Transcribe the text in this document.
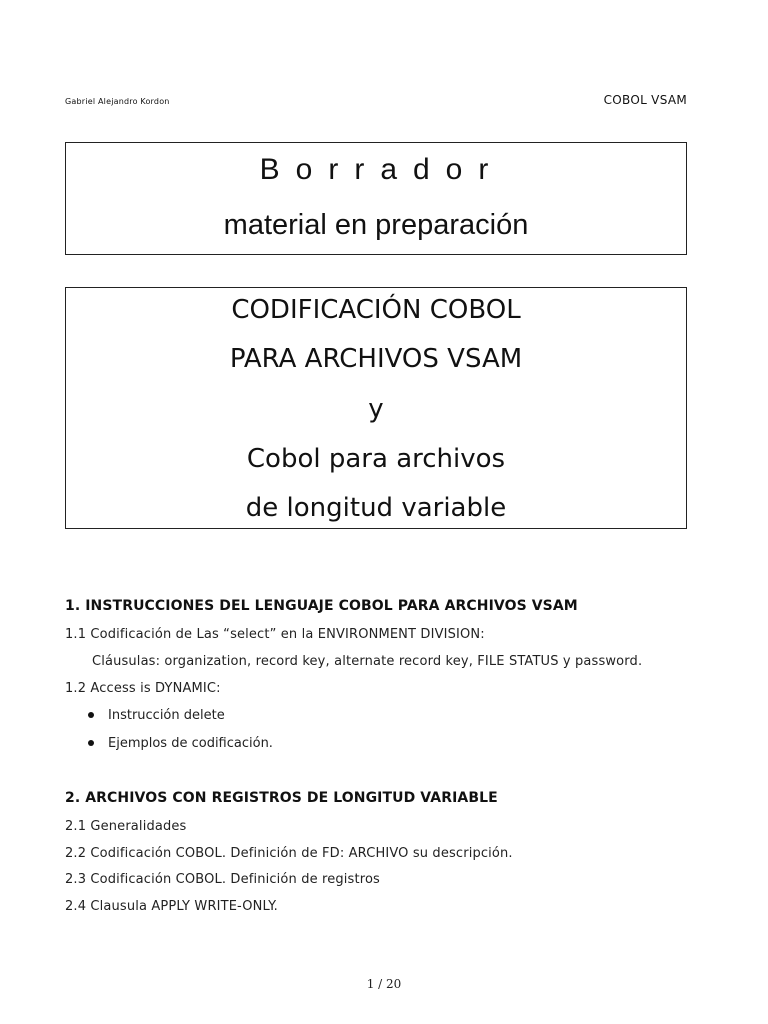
Gabriel Alejandro Kordon	COBOL VSAM
Borrador
material en preparación
CODIFICACIÓN COBOL
PARA ARCHIVOS VSAM
y
Cobol para archivos
de longitud variable
1. INSTRUCCIONES DEL LENGUAJE COBOL PARA ARCHIVOS VSAM
1.1 Codificación de Las “select” en la ENVIRONMENT DIVISION:
Cláusulas: organization, record key, alternate record key, FILE STATUS y password.
1.2 Access is DYNAMIC:
Instrucción delete
Ejemplos de codificación.
2. ARCHIVOS CON REGISTROS DE LONGITUD VARIABLE
2.1 Generalidades
2.2 Codificación COBOL. Definición de FD: ARCHIVO su descripción.
2.3 Codificación COBOL. Definición de registros
2.4 Clausula APPLY WRITE-ONLY.
1 / 20
